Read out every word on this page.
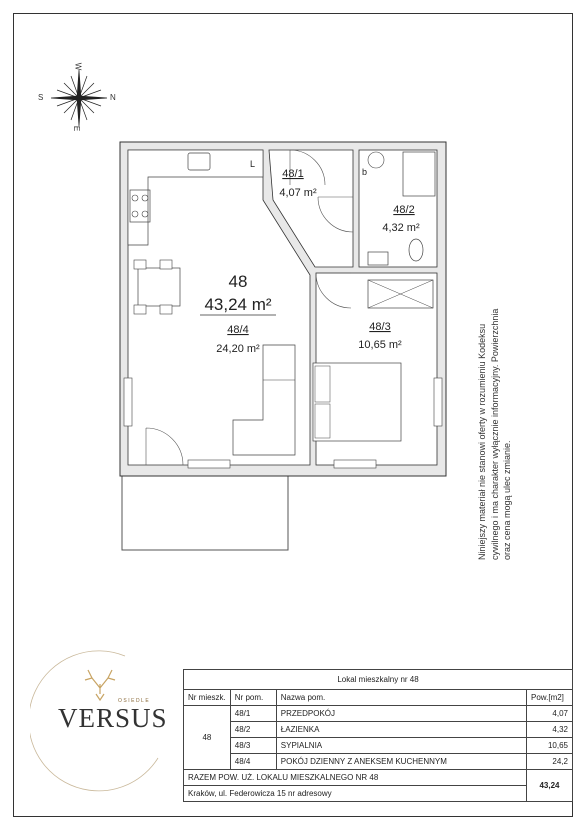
W
S	N
E
L
b
48
43,24 m²
48/4
24,20 m²
48/1
4,07 m²
48/2
4,32 m²
48/3
10,65 m²	Niniejszy materiał nie stanowi oferty w rozumieniu Kodeksu cywilnego i ma charakter wyłącznie informacyjny. Powierzchnia oraz cena mogą ulec zmianie.
OSIEDLE
VERSUS
Lokal mieszkalny nr 48			
Nr mieszk.	Nr pom.	Nazwa pom.	Pow.[m2]
48	48/1	PRZEDPOKÓJ	4,07
	48/2	ŁAZIENKA	4,32
	48/3	SYPIALNIA	10,65
	48/4	POKÓJ DZIENNY Z ANEKSEM KUCHENNYM	24,2
RAZEM POW. UŻ. LOKALU MIESZKALNEGO NR 48			43,24
Kraków, ul. Federowicza 15 nr adresowy			
